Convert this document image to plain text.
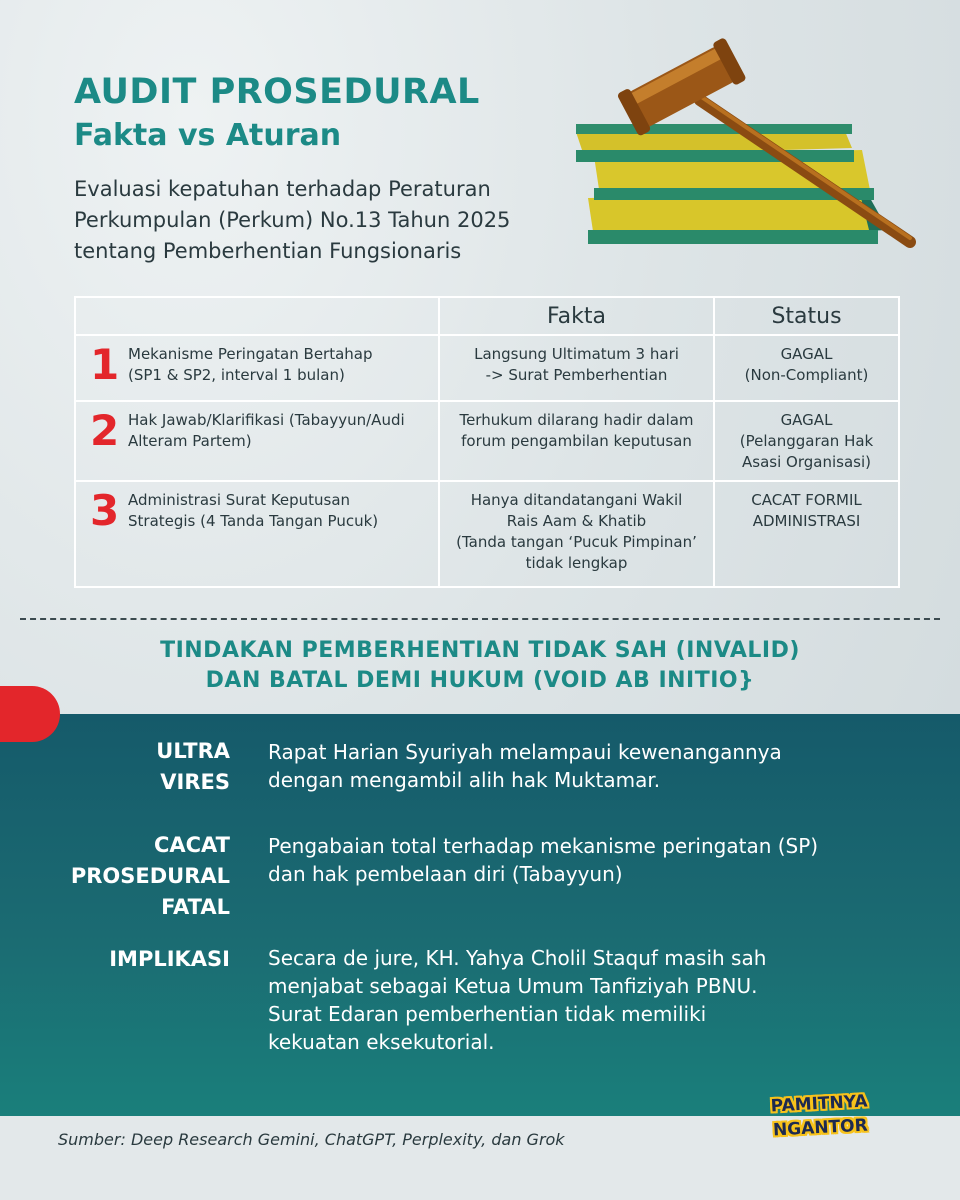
AUDIT PROSEDURAL
Fakta vs Aturan
Evaluasi kepatuhan terhadap Peraturan
Perkumpulan (Perkum) No.13 Tahun 2025
tentang Pemberhentian Fungsionaris
Fakta	Status
1 Mekanisme Peringatan Bertahap
(SP1 & SP2, interval 1 bulan)
Langsung Ultimatum 3 hari
-> Surat Pemberhentian
GAGAL
(Non-Compliant)
2 Hak Jawab/Klarifikasi (Tabayyun/Audi
Alteram Partem)
Terhukum dilarang hadir dalam
forum pengambilan keputusan
GAGAL
(Pelanggaran Hak
Asasi Organisasi)
3 Administrasi Surat Keputusan
Strategis (4 Tanda Tangan Pucuk)
Hanya ditandatangani Wakil
Rais Aam & Khatib
(Tanda tangan ‘Pucuk Pimpinan’
tidak lengkap
CACAT FORMIL
ADMINISTRASI
TINDAKAN PEMBERHENTIAN TIDAK SAH (INVALID)
DAN BATAL DEMI HUKUM (VOID AB INITIO}
ULTRA
VIRES
Rapat Harian Syuriyah melampaui kewenangannya
dengan mengambil alih hak Muktamar.
CACAT
PROSEDURAL
FATAL
Pengabaian total terhadap mekanisme peringatan (SP)
dan hak pembelaan diri (Tabayyun)
IMPLIKASI Secara de jure, KH. Yahya Cholil Staquf masih sah
menjabat sebagai Ketua Umum Tanfiziyah PBNU.
Surat Edaran pemberhentian tidak memiliki
kekuatan eksekutorial.
Sumber: Deep Research Gemini, ChatGPT, Perplexity, dan Grok
PAMITNYA
NGANTOR
